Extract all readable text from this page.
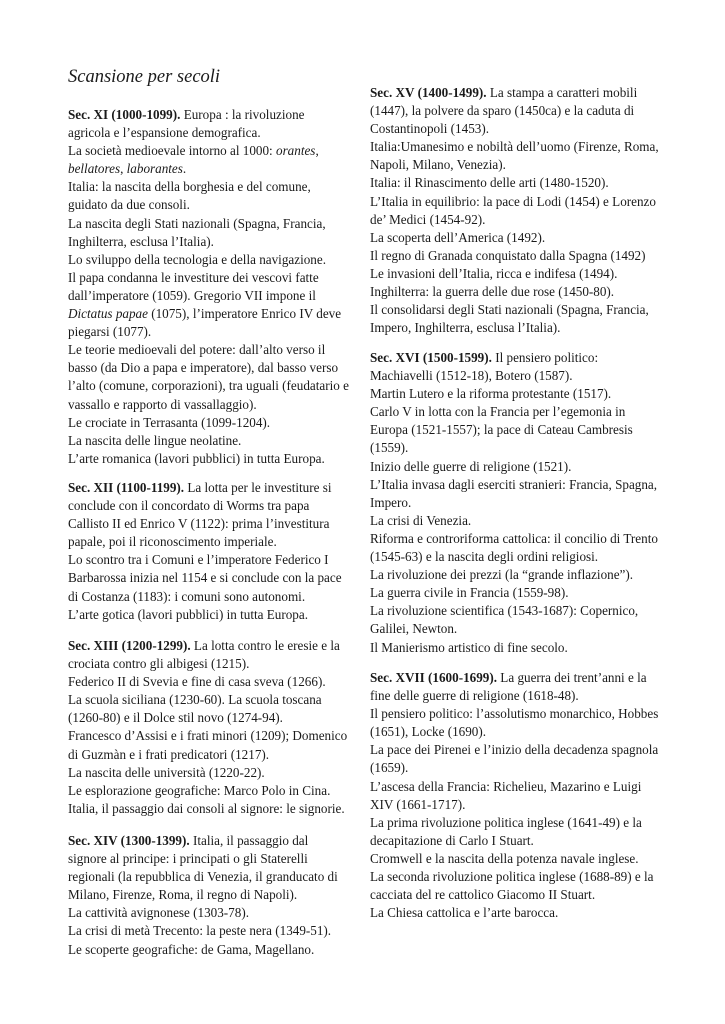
Scansione per secoli

Sec. XI (1000-1099). Europa : la rivoluzione agricola e l’espansione demografica.

La società medioevale intorno al 1000: orantes, bellatores, laborantes.

Italia: la nascita della borghesia e del comune, guidato da due consoli.

La nascita degli Stati nazionali (Spagna, Francia, Inghilterra, esclusa l’Italia).

Lo sviluppo della tecnologia e della navigazione.

Il papa condanna le investiture dei vescovi fatte dall’imperatore (1059). Gregorio VII impone il Dictatus papae (1075), l’imperatore Enrico IV deve piegarsi (1077).

Le teorie medioevali del potere: dall’alto verso il basso (da Dio a papa e imperatore), dal basso verso l’alto (comune, corporazioni), tra uguali (feudatario e vassallo e rapporto di vassallaggio).

Le crociate in Terrasanta (1099-1204).

La nascita delle lingue neolatine.

L’arte romanica (lavori pubblici) in tutta Europa.

Sec. XII (1100-1199). La lotta per le investiture si conclude con il concordato di Worms tra papa Callisto II ed Enrico V (1122): prima l’investitura papale, poi il riconoscimento imperiale.

Lo scontro tra i Comuni e l’imperatore Federico I Barbarossa inizia nel 1154 e si conclude con la pace di Costanza (1183): i comuni sono autonomi.

L’arte gotica (lavori pubblici) in tutta Europa.

Sec. XIII (1200-1299). La lotta contro le eresie e la crociata contro gli albigesi (1215).

Federico II di Svevia e fine di casa sveva (1266).

La scuola siciliana (1230-60). La scuola toscana (1260-80) e il Dolce stil novo (1274-94).

Francesco d’Assisi e i frati minori (1209); Domenico di Guzmàn e i frati predicatori (1217).

La nascita delle università (1220-22).

Le esplorazione geografiche: Marco Polo in Cina.

Italia, il passaggio dai consoli al signore: le signorie.

Sec. XIV (1300-1399). Italia, il passaggio dal signore al principe: i principati o gli Staterelli regionali (la repubblica di Venezia, il granducato di Milano, Firenze, Roma, il regno di Napoli).

La cattività avignonese (1303-78).

La crisi di metà Trecento: la peste nera (1349-51).

Le scoperte geografiche: de Gama, Magellano.

Sec. XV (1400-1499). La stampa a caratteri mobili (1447), la polvere da sparo (1450ca) e la caduta di Costantinopoli (1453).

Italia:Umanesimo e nobiltà dell’uomo (Firenze, Roma, Napoli, Milano, Venezia).

Italia: il Rinascimento delle arti (1480-1520).

L’Italia in equilibrio: la pace di Lodi (1454) e Lorenzo de’ Medici (1454-92).

La scoperta dell’America (1492).

Il regno di Granada conquistato dalla Spagna (1492)

Le invasioni dell’Italia, ricca e indifesa (1494).

Inghilterra: la guerra delle due rose (1450-80).

Il consolidarsi degli Stati nazionali (Spagna, Francia, Impero, Inghilterra, esclusa l’Italia).

Sec. XVI (1500-1599). Il pensiero politico: Machiavelli (1512-18), Botero (1587).

Martin Lutero e la riforma protestante (1517).

Carlo V in lotta con la Francia per l’egemonia in Europa (1521-1557); la pace di Cateau Cambresis (1559).

Inizio delle guerre di religione (1521).

L’Italia invasa dagli eserciti stranieri: Francia, Spagna, Impero.

La crisi di Venezia.

Riforma e controriforma cattolica: il concilio di Trento (1545-63) e la nascita degli ordini religiosi.

La rivoluzione dei prezzi (la “grande inflazione”).

La guerra civile in Francia (1559-98).

La rivoluzione scientifica (1543-1687): Copernico, Galilei, Newton.

Il Manierismo artistico di fine secolo.

Sec. XVII (1600-1699). La guerra dei trent’anni e la fine delle guerre di religione (1618-48).

Il pensiero politico: l’assolutismo monarchico, Hobbes (1651), Locke (1690).

La pace dei Pirenei e l’inizio della decadenza spagnola (1659).

L’ascesa della Francia: Richelieu, Mazarino e Luigi XIV (1661-1717).

La prima rivoluzione politica inglese (1641-49) e la decapitazione di Carlo I Stuart.

Cromwell e la nascita della potenza navale inglese.

La seconda rivoluzione politica inglese (1688-89) e la cacciata del re cattolico Giacomo II Stuart.

La Chiesa cattolica e l’arte barocca.
